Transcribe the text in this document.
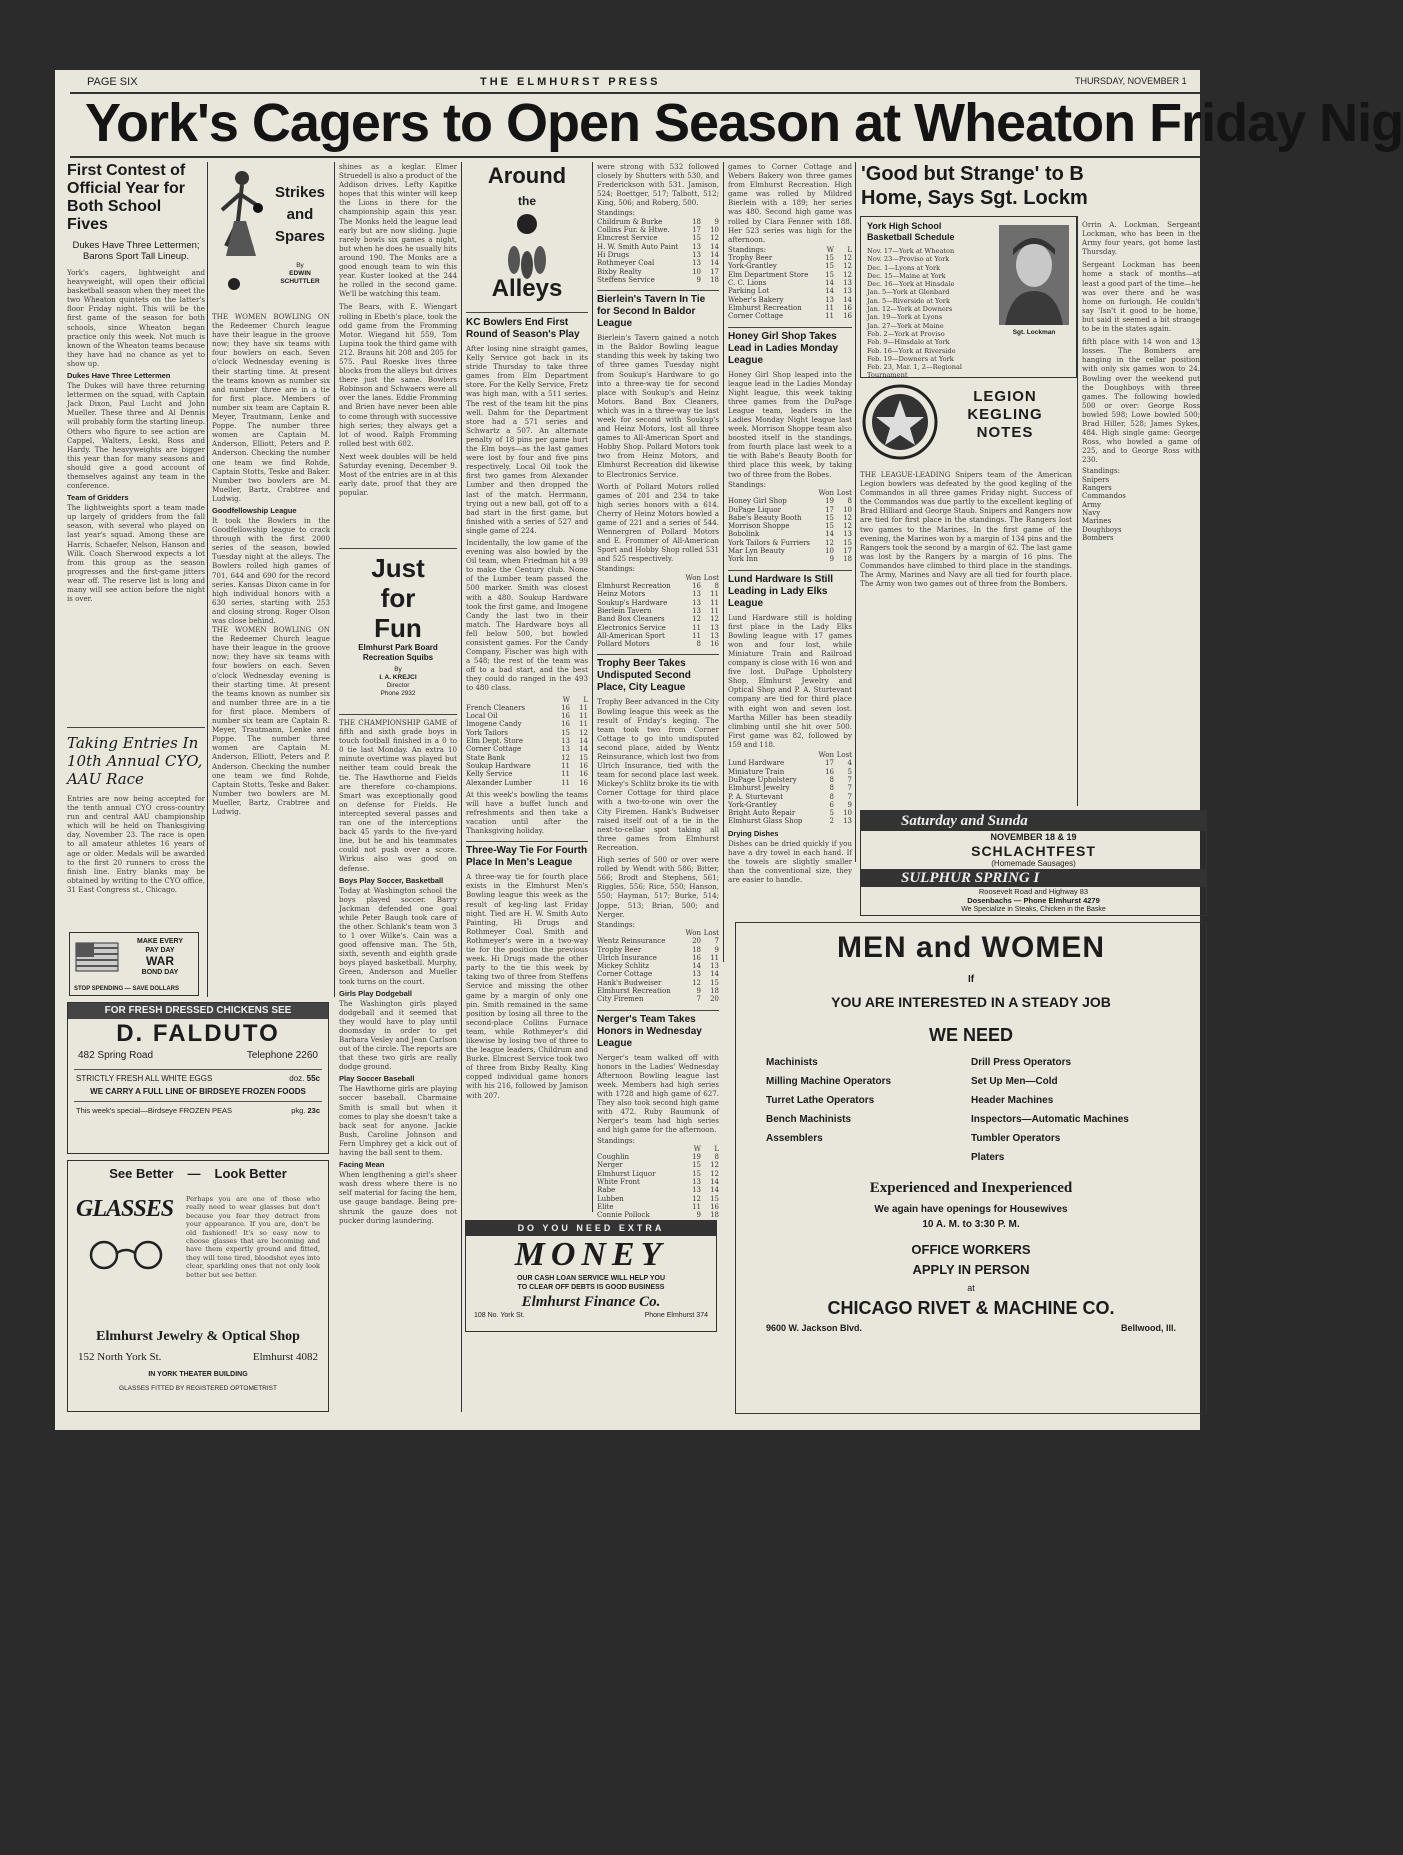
PAGE SIX	THE ELMHURST PRESS	THURSDAY, NOVEMBER 1
York's Cagers to Open Season at Wheaton Friday Nig
First Contest of Official Year for Both School Fives
Dukes Have Three Lettermen; Barons Sport Tall Lineup.

York's cagers, lightweight and heavyweight, will open their official basketball season when they meet the two Wheaton quintets on the latter's floor Friday night. This will be the first game of the season for both schools, since Wheaton began practice only this week. Not much is known of the Wheaton teams because they have had no chance as yet to show up.

Dukes Have Three Lettermen

The Dukes will have three returning lettermen on the squad, with Captain Jack Dixon, Paul Lucht and John Mueller. These three and Al Dennis will probably form the starting lineup. Others who figure to see action are Cappel, Walters, Leski, Ross and Hardy. The heavyweights are bigger this year than for many seasons and should give a good account of themselves against any team in the conference.

Team of Gridders

The lightweights sport a team made up largely of gridders from the fall season, with several who played on last year's squad. Among these are Harris, Schaefer, Nelson, Hanson and Wilk. Coach Sherwood expects a lot from this group as the season progresses and the first-game jitters wear off. The reserve list is long and many will see action before the night is over.

Taking Entries In 10th Annual CYO, AAU Race

Entries are now being accepted for the tenth annual CYO cross-country run and central AAU championship which will be held on Thanksgiving day, November 23. The race is open to all amateur athletes 16 years of age or older. Medals will be awarded to the first 20 runners to cross the finish line. Entry blanks may be obtained by writing to the CYO office, 31 East Congress st., Chicago.

MAKE EVERY
PAY DAY
WAR
BOND DAY
STOP SPENDING — SAVE DOLLARS
FOR FRESH DRESSED CHICKENS SEE
D. FALDUTO
482 Spring Road	Telephone 2260
STRICTLY FRESH ALL WHITE EGGS	doz. 55c
WE CARRY A FULL LINE OF BIRDSEYE FROZEN FOODS
This week's special—Birdseye FROZEN PEAS	pkg. 23c
See Better — Look Better
GLASSES	Perhaps you are one of those who really need to wear glasses but don't because you fear they detract from your appearance. If you are, don't be old fashioned! It's so easy now to choose glasses that are becoming and have them expertly ground and fitted, they will tone tired, bloodshot eyes into clear, sparkling ones that not only look better but see better.

Elmhurst Jewelry & Optical Shop
152 North York St.	Elmhurst 4082
IN YORK THEATER BUILDING
GLASSES FITTED BY REGISTERED OPTOMETRIST
Strikes
and
Spares
By
EDWIN SCHUTTLER

THE WOMEN BOWLING ON the Redeemer Church league have their league in the groove now; they have six teams with four bowlers on each. Seven o'clock Wednesday evening is their starting time. At present the teams known as number six and number three are in a tie for first place. Members of number six team are Captain R. Meyer, Trautmann, Lenke and Poppe. The number three women are Captain M. Anderson, Elliott, Peters and P. Anderson. Checking the number one team we find Rohde, Captain Stotts, Teske and Baker. Number two bowlers are M. Mueller, Bartz, Crabtree and Ludwig.

Goodfellowship League

It took the Bowlers in the Goodfellowship league to crack through with the first 2000 series of the season, bowled Tuesday night at the alleys. The Bowlers rolled high games of 701, 644 and 690 for the record series. Kansas Dixon came in for high individual honors with a 630 series, starting with 253 and closing strong. Roger Olson was close behind.

THE WOMEN BOWLING ON the Redeemer Church league have their league in the groove now; they have six teams with four bowlers on each. Seven o'clock Wednesday evening is their starting time. At present the teams known as number six and number three are in a tie for first place. Members of number six team are Captain R. Meyer, Trautmann, Lenke and Poppe. The number three women are Captain M. Anderson, Elliott, Peters and P. Anderson. Checking the number one team we find Rohde, Captain Stotts, Teske and Baker. Number two bowlers are M. Mueller, Bartz, Crabtree and Ludwig.

shines as a keglar. Elmer Struedell is also a product of the Addison drives. Lefty Kapitke hopes that this winter will keep the Lions in there for the championship again this year. The Monks held the league lead early but are now sliding. Jugie rarely bowls six games a night, but when he does he usually hits around 190. The Monks are a good enough team to win this year. Kuster looked at the 244 he rolled in the second game. We'll be watching this team.

The Bears, with E. Wiengart rolling in Ebeth's place, took the odd game from the Fromming Motor. Wiegand hit 559, Tom Lupina took the third game with 212. Brauns hit 208 and 205 for 575. Paul Roeske lives three blocks from the alleys but drives there just the same. Bowlers Robinson and Schwaers were all over the lanes. Eddie Fromming and Brien have never been able to come through with successive high series; they always get a lot of wood. Ralph Fromming rolled best with 602.

Next week doubles will be held Saturday evening, December 9. Most of the entries are in at this early date, proof that they are popular.

Just
for
Fun
Elmhurst Park Board
Recreation Squibs
By
I. A. KREJCI
Director
Phone 2932

THE CHAMPIONSHIP GAME of fifth and sixth grade boys in touch football finished in a 0 to 0 tie last Monday. An extra 10 minute overtime was played but neither team could break the tie. The Hawthorne and Fields are therefore co-champions. Smart was exceptionally good on defense for Fields. He intercepted several passes and ran one of the interceptions back 45 yards to the five-yard line, but he and his teammates could not push over a score. Wirkus also was good on defense.

Boys Play Soccer, Basketball

Today at Washington school the boys played soccer. Barry Jackman defended one goal while Peter Baugh took care of the other. Schlank's team won 3 to 1 over Wilke's. Cain was a good offensive man. The 5th, sixth, seventh and eighth grade boys played basketball. Murphy, Green, Anderson and Mueller took turns on the court.

Girls Play Dodgeball

The Washington girls played dodgeball and it seemed that they would have to play until doomsday in order to get Barbara Vesley and Jean Carlson out of the circle. The reports are that these two girls are really dodge ground.

Play Soccer Baseball

The Hawthorne girls are playing soccer baseball. Charmaine Smith is small but when it comes to play she doesn't take a back seat for anyone. Jackie Bush, Caroline Johnson and Fern Umphrey get a kick out of having the ball sent to them.

Facing Mean

When lengthening a girl's sheer wash dress where there is no self material for facing the hem, use gauge bandage. Being pre-shrunk the gauze does not pucker during laundering.

Around
the
Alleys
KC Bowlers End First Round of Season's Play

After losing nine straight games, Kelly Service got back in its stride Thursday to take three games from Elm Department store. For the Kelly Service, Fretz was high man, with a 511 series. The rest of the team hit the pins well. Dahm for the Department store had a 571 series and Schwartz a 507. An alternate penalty of 18 pins per game hurt the Elm boys—as the last games were lost by four and five pins respectively. Local Oil took the first two games from Alexander Lumber and then dropped the last of the match. Herrmann, trying out a new ball, got off to a bad start in the first game, but finished with a series of 527 and single game of 224.

Incidentally, the low game of the evening was also bowled by the Oil team, when Friedman hit a 99 to make the Century club. None of the Lumber team passed the 500 marker. Smith was closest with a 480. Soukup Hardware took the first game, and Imogene Candy the last two in their match. The Hardware boys all fell below 500, but bowled consistent games. For the Candy Company, Fischer was high with a 548; the rest of the team was off to a bad start, and the best they could do ranged in the 493 to 480 class.

	W	L
French Cleaners	16	11
Local Oil	16	11
Imogene Candy	16	11
York Tailors	15	12
Elm Dept. Store	13	14
Corner Cottage	13	14
State Bank	12	15
Soukup Hardware	11	16
Kelly Service	11	16
Alexander Lumber	11	16

At this week's bowling the teams will have a buffet lunch and refreshments and then take a vacation until after the Thanksgiving holiday.

Three-Way Tie For Fourth Place In Men's League

A three-way tie for fourth place exists in the Elmhurst Men's Bowling league this week as the result of keg-ling last Friday night. Tied are H. W. Smith Auto Painting, Hi Drugs and Rothmeyer Coal. Smith and Rothmeyer's were in a two-way tie for the position the previous week. Hi Drugs made the other party to the tie this week by taking two of three from Steffens Service and missing the other game by a margin of only one pin. Smith remained in the same position by losing all three to the second-place Collins Furnace team, while Rothmeyer's did likewise by losing two of three to the league leaders, Childrum and Burke. Elmcrest Service took two of three from Bixby Realty. King copped individual game honors with his 216, followed by Jamison with 207.

DO YOU NEED EXTRA
MONEY
OUR CASH LOAN SERVICE WILL HELP YOU
TO CLEAR OFF DEBTS IS GOOD BUSINESS
Elmhurst Finance Co.
108 No. York St.	Phone Elmhurst 374

were strong with 532 followed closely by Shutters with 530, and Frederickson with 531. Jamison, 524; Boettger, 517; Talbott, 512; King, 506; and Roberg, 500.

Standings:
Childrum & Burke	18	9
Collins Fur. & Htwe.	17	10
Elmcrest Service	15	12
H. W. Smith Auto Paint	13	14
Hi Drugs	13	14
Rothmeyer Coal	13	14
Bixby Realty	10	17
Steffens Service	9	18
Bierlein's Tavern In Tie for Second In Baldor League

Bierlein's Tavern gained a notch in the Baldor Bowling league standing this week by taking two of three games Tuesday night from Soukup's Hardware to go into a three-way tie for second place with Soukup's and Heinz Motors. Band Box Cleaners, which was in a three-way tie last week for second with Soukup's and Heinz Motors, lost all three games to All-American Sport and Hobby Shop. Pollard Motors took two from Heinz Motors, and Elmhurst Recreation did likewise to Electronics Service.

Worth of Pollard Motors rolled games of 201 and 234 to take high series honors with a 614. Cherry of Heinz Motors bowled a game of 221 and a series of 544. Wennergren of Pollard Motors and E. Frommer of All-American Sport and Hobby Shop rolled 531 and 525 respectively.

Standings:
	Won	Lost
Elmhurst Recreation	16	8
Heinz Motors	13	11
Soukup's Hardware	13	11
Bierlein Tavern	13	11
Band Box Cleaners	12	12
Electronics Service	11	13
All-American Sport	11	13
Pollard Motors	8	16
Trophy Beer Takes Undisputed Second Place, City League

Trophy Beer advanced in the City Bowling league this week as the result of Friday's keging. The team took two from Corner Cottage to go into undisputed second place, aided by Wentz Reinsurance, which lost two from Ulrich Insurance, tied with the team for second place last week. Mickey's Schlitz broke its tie with Corner Cottage for third place with a two-to-one win over the City Firemen. Hank's Budweiser raised itself out of a tie in the next-to-cellar spot taking all three games from Elmhurst Recreation.

High series of 500 or over were rolled by Wendt with 586; Bitter, 566; Brodt and Stephens, 561; Riggles, 556; Rice, 550; Hanson, 550; Hayman, 517; Burke, 514; Joppe, 513; Brian, 500; and Nerger.

Standings:
	Won	Lost
Wentz Reinsurance	20	7
Trophy Beer	18	9
Ulrich Insurance	16	11
Mickey Schlitz	14	13
Corner Cottage	13	14
Hank's Budweiser	12	15
Elmhurst Recreation	9	18
City Firemen	7	20
Nerger's Team Takes Honors in Wednesday League

Nerger's team walked off with honors in the Ladies' Wednesday Afternoon Bowling league last week. Members had high series with 1728 and high game of 627. They also took second high game with 472. Ruby Baumunk of Nerger's team had high series and high game for the afternoon.

Standings:
	W	L
Coughlin	19	8
Nerger	15	12
Elmhurst Liquor	15	12
White Front	13	14
Rabe	13	14
Lubben	12	15
Elite	11	16
Connie Pollock	9	18

games to Corner Cottage and Webers Bakery won three games from Elmhurst Recreation. High game was rolled by Mildred Bierlein with a 189; her series was 480. Second high game was rolled by Clara Fenner with 188. Her 523 series was high for the afternoon.

Standings:	W	L
Trophy Beer	15	12
York-Grantley	15	12
Elm Department Store	15	12
C. C. Lions	14	13
Parking Lot	14	13
Weber's Bakery	13	14
Elmhurst Recreation	11	16
Corner Cottage	11	16
Honey Girl Shop Takes Lead in Ladies Monday League

Honey Girl Shop leaped into the league lead in the Ladies Monday Night league, this week taking three games from the DuPage League team, leaders in the Ladies Monday Night league last week. Morrison Shoppe team also boosted itself in the standings, from fourth place last week to a tie with Babe's Beauty Booth for third place this week, by taking two of three from the Bobes.

Standings:
	Won	Lost
Honey Girl Shop	19	8
DuPage Liquor	17	10
Babe's Beauty Booth	15	12
Morrison Shoppe	15	12
Bobolink	14	13
York Tailors & Furriers	12	15
Mar Lyn Beauty	10	17
York Inn	9	18
Lund Hardware Is Still Leading in Lady Elks League

Lund Hardware still is holding first place in the Lady Elks Bowling league with 17 games won and four lost, while Miniature Train and Railroad company is close with 16 won and five lost. DuPage Upholstery Shop, Elmhurst Jewelry and Optical Shop and P. A. Sturtevant company are tied for third place with eight won and seven lost. Martha Miller has been steadily climbing until she hit over 500. First game was 82, followed by 159 and 118.

	Won	Lost
Lund Hardware	17	4
Miniature Train	16	5
DuPage Upholstery	8	7
Elmhurst Jewelry	8	7
P. A. Sturtevant	8	7
York-Grantley	6	9
Bright Auto Repair	5	10
Elmhurst Glass Shop	2	13
Drying Dishes

Dishes can be dried quickly if you have a dry towel in each hand. If the towels are slightly smaller than the conventional size, they are easier to handle.

'Good but Strange' to B
Home, Says Sgt. Lockm
York High School
Basketball Schedule
Nov. 17—York at Wheaton
Nov. 23—Proviso at York
Dec. 1—Lyons at York
Dec. 15—Maine at York
Dec. 16—York at Hinsdale
Jan. 5—York at Glenbard
Jan. 5—Riverside at York
Jan. 12—York at Downers
Jan. 19—York at Lyons
Jan. 27—York at Maine
Feb. 2—York at Proviso
Feb. 9—Hinsdale at York
Feb. 16—York at Riverside
Feb. 19—Downers at York
Feb. 23, Mar. 1, 2—Regional Tournament
Sgt. Lockman
LEGION
KEGLING
NOTES

THE LEAGUE-LEADING Snipers team of the American Legion bowlers was defeated by the good kegling of the Commandos in all three games Friday night. Success of the Commandos was due partly to the excellent kegling of Brad Hilliard and George Staub. Snipers and Rangers now are tied for first place in the standings. The Rangers lost two games to the Marines. In the first game of the evening, the Marines won by a margin of 134 pins and the Rangers took the second by a margin of 62. The last game was lost by the Rangers by a margin of 16 pins. The Commandos have climbed to third place in the standings. The Army, Marines and Navy are all tied for fourth place. The Army won two games out of three from the Bombers.

Orrin A. Lockman, Sergeant Lockman, who has been in the Army four years, got home last Thursday.

Sergeant Lockman has been home a stack of months—at least a good part of the time—he was over there and he was home on furlough. He couldn't say 'Isn't it good to be home,' but said it seemed a bit strange to be in the states again.

fifth place with 14 won and 13 losses. The Bombers are hanging in the cellar position with only six games won to 24. Bowling over the weekend put the Doughboys with three games. The following bowled 500 or over: George Ross bowled 598; Lowe bowled 500; Brad Hiller, 528; James Sykes, 484. High single game: George Ross, who bowled a game of 225, and to George Ross with 230.

Standings:		
Snipers		
Rangers		
Commandos		
Army		
Navy		
Marines		
Doughboys		
Bombers		
Saturday and Sunda
NOVEMBER 18 & 19
SCHLACHTFEST
(Homemade Sausages)
SULPHUR SPRING I
Roosevelt Road and Highway 83
Dosenbachs — Phone Elmhurst 4279
We Specialize in Steaks, Chicken in the Baske
MEN and WOMEN
If
YOU ARE INTERESTED IN A STEADY JOB
WE NEED
Machinists
Milling Machine Operators
Turret Lathe Operators
Bench Machinists
Assemblers
Drill Press Operators
Set Up Men—Cold
Header Machines
Inspectors—Automatic Machines
Tumbler Operators
Platers
Experienced and Inexperienced
We again have openings for Housewives
10 A. M. to 3:30 P. M.
OFFICE WORKERS
APPLY IN PERSON
at
CHICAGO RIVET & MACHINE CO.
9600 W. Jackson Blvd.	Bellwood, Ill.
